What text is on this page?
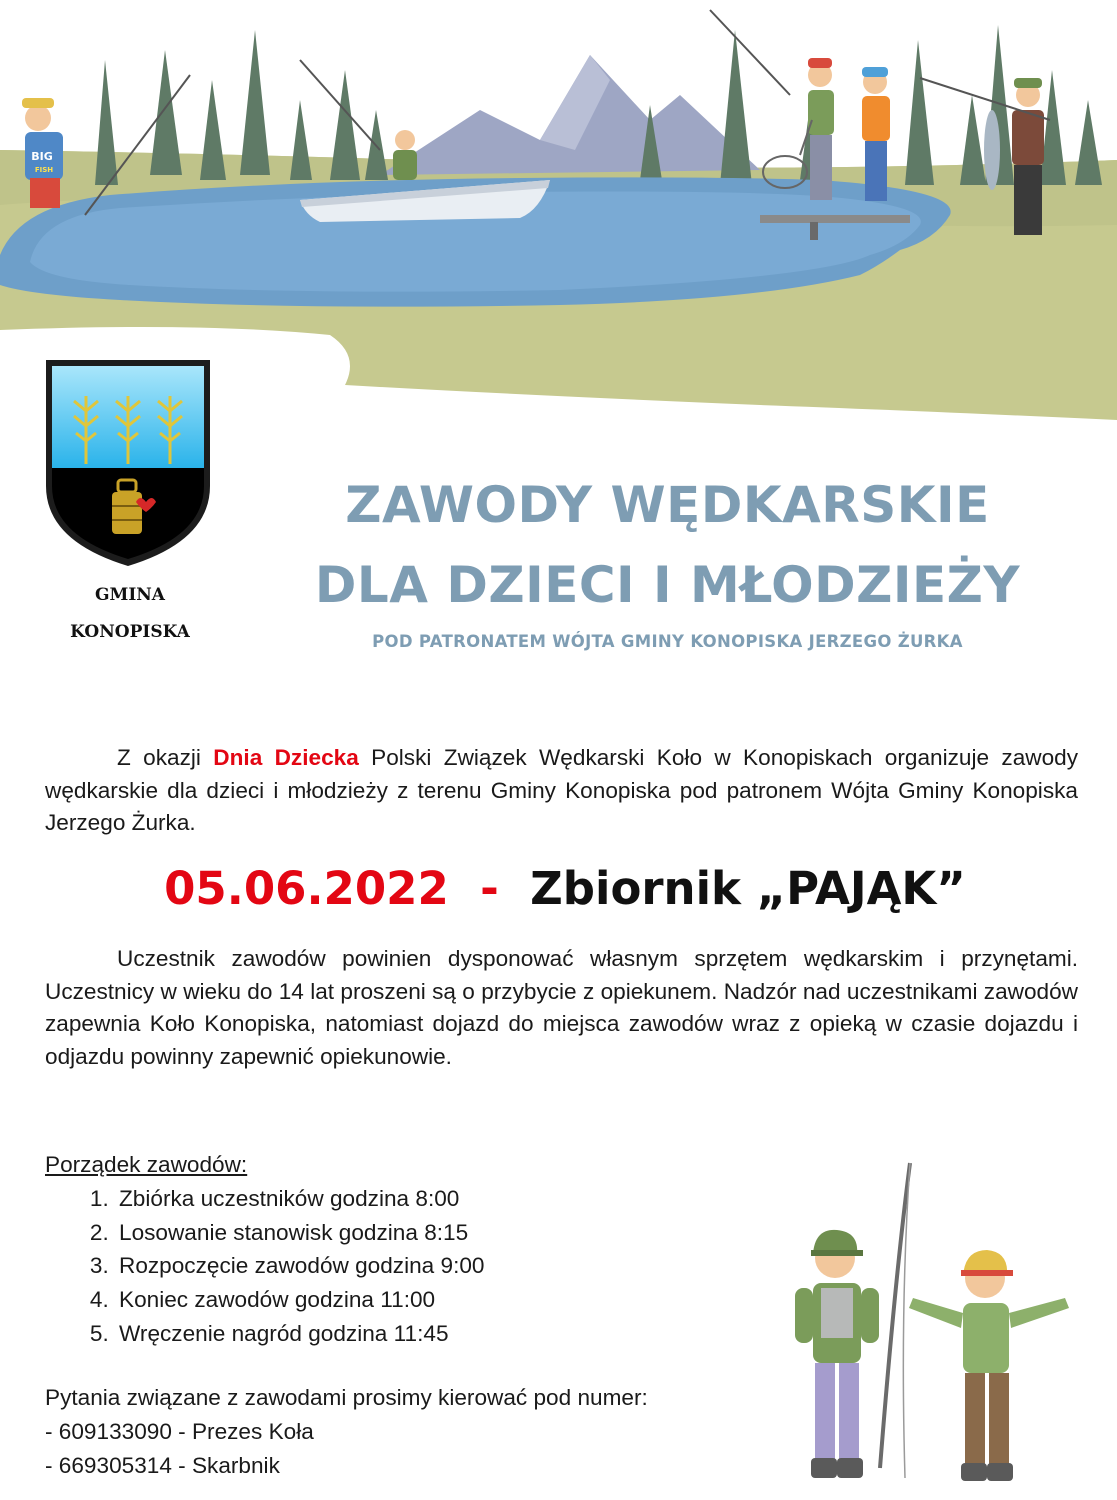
BIG
FISH
GMINA
KONOPISKA
ZAWODY WĘDKARSKIE
DLA DZIECI I MŁODZIEŻY
POD PATRONATEM WÓJTA GMINY KONOPISKA JERZEGO ŻURKA

Z okazji Dnia Dziecka Polski Związek Wędkarski Koło w Konopiskach organizuje zawody wędkarskie dla dzieci i młodzieży z terenu Gminy Konopiska pod patronem Wójta Gminy Konopiska Jerzego Żurka.

05.06.2022 - Zbiornik „PAJĄK”

Uczestnik zawodów powinien dysponować własnym sprzętem wędkarskim i przynętami. Uczestnicy w wieku do 14 lat proszeni są o przybycie z opiekunem. Nadzór nad uczestnikami zawodów zapewnia Koło Konopiska, natomiast dojazd do miejsca zawodów wraz z opieką w czasie dojazdu i odjazdu powinny zapewnić opiekunowie.

Porządek zawodów:
1. Zbiórka uczestników godzina 8:00
2. Losowanie stanowisk godzina 8:15
3. Rozpoczęcie zawodów godzina 9:00
4. Koniec zawodów godzina 11:00
5. Wręczenie nagród godzina 11:45
Pytania związane z zawodami prosimy kierować pod numer:
- 609133090 - Prezes Koła
- 669305314 - Skarbnik
